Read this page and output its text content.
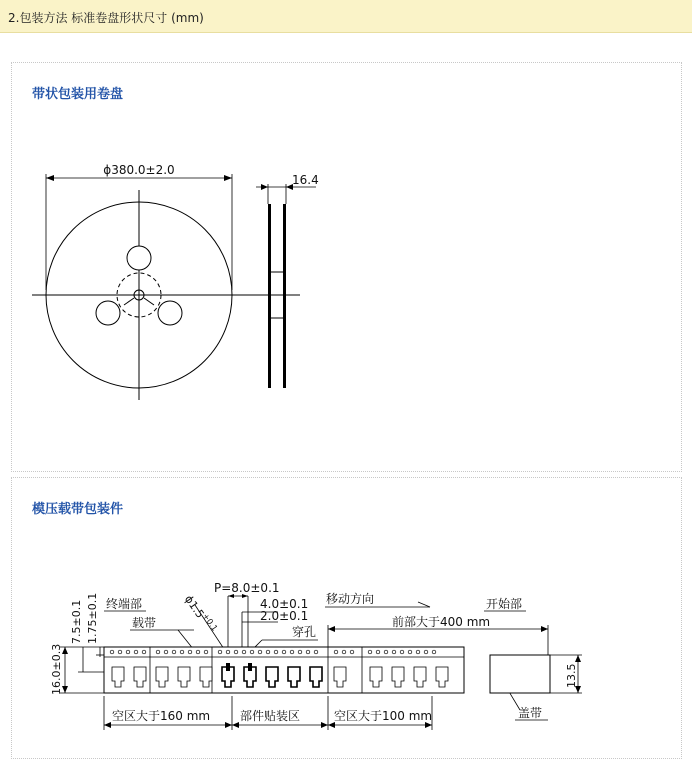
2.包装方法 标准卷盘形状尺寸 (mm)
带状包装用卷盘
ϕ380.0±2.0
16.4
模压载带包装件
终端部
载带
ϕ1.5
+0.1
P=8.0±0.1
4.0±0.1
2.0±0.1
穿孔
移动方向	开始部
前部大于400 mm
7.5±0.1 1.75±0.1
16.0±0.3	13.5
空区大于160 mm 部件贴装区	空区大于100 mm	盖带
